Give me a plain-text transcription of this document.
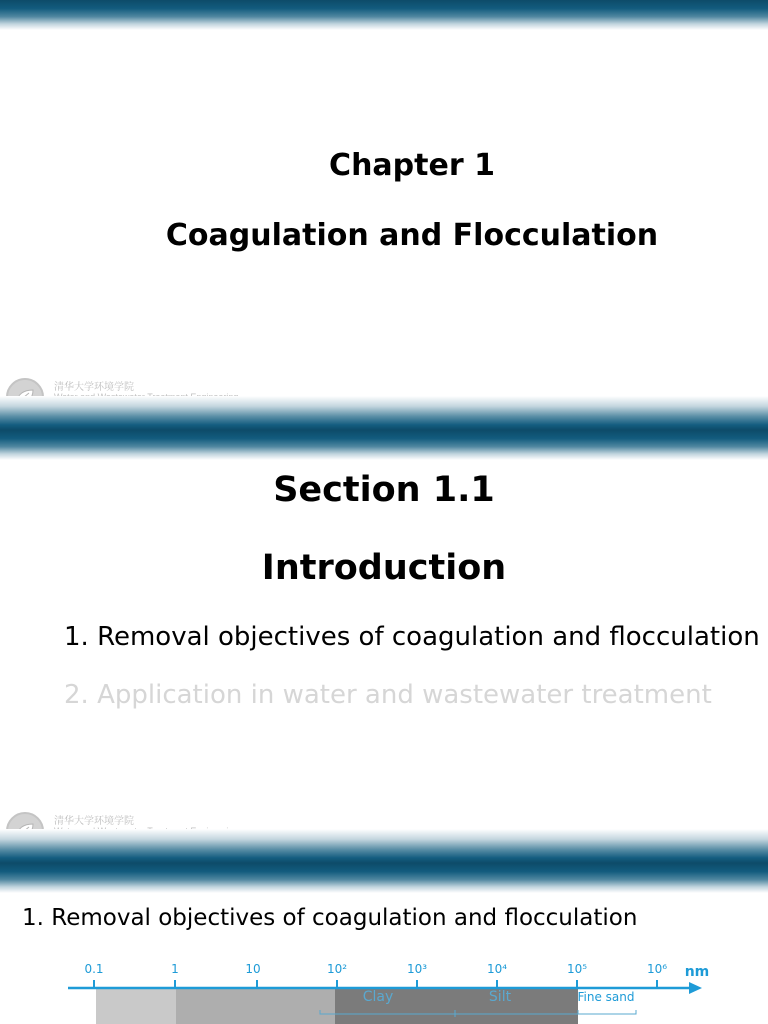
Chapter 1
Coagulation and Flocculation
清华大学环境学院
Section 1.1
Introduction
1. Removal objectives of coagulation and flocculation
2. Application in water and wastewater treatment
清华大学环境学院
1. Removal objectives of coagulation and flocculation
0.1	1	10	10²	10³	10⁴	10⁵	10⁶ nm
Clay	Silt	Fine sand
